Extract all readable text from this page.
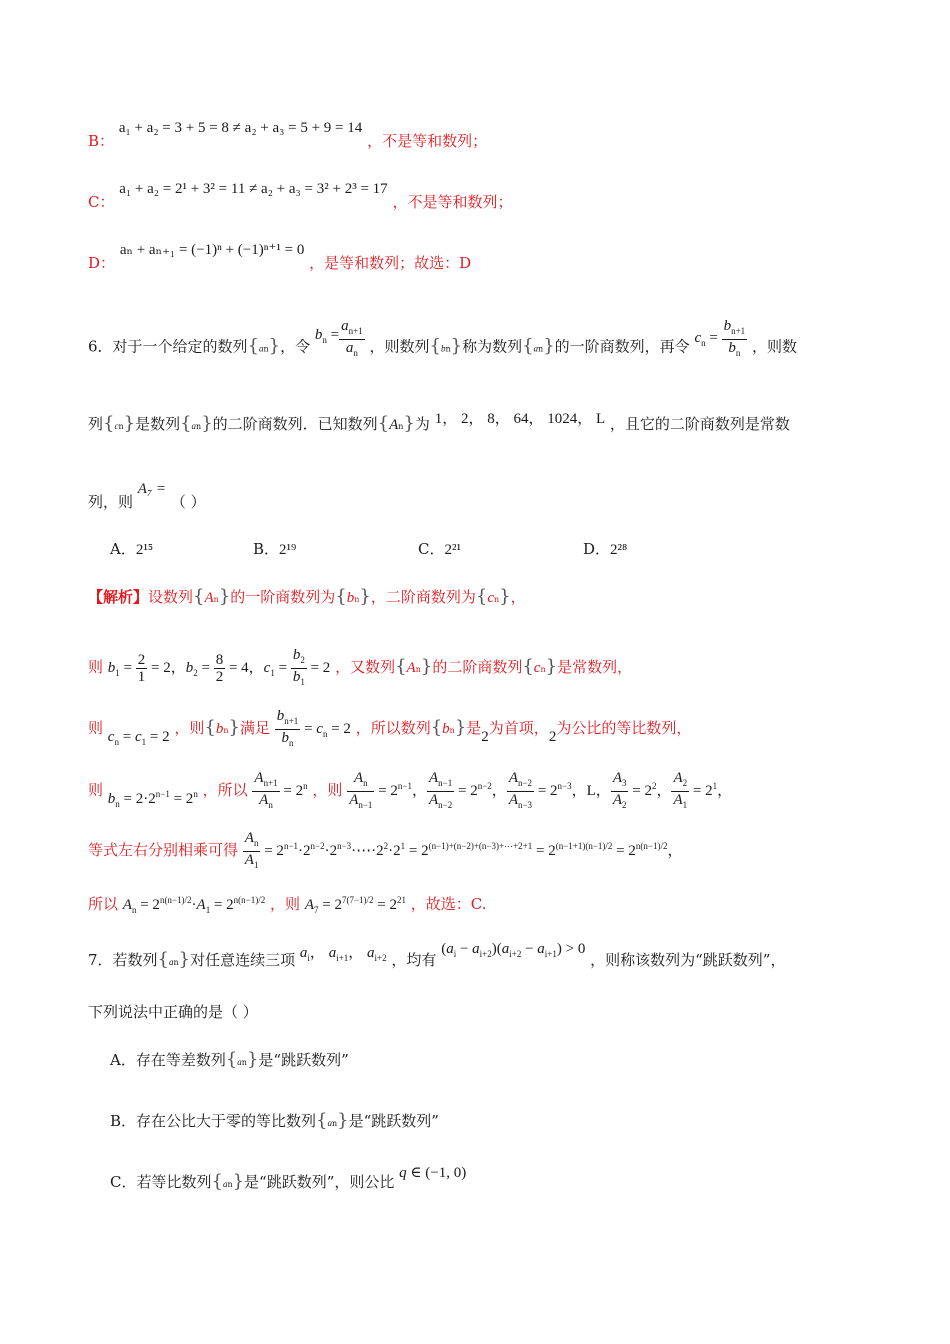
B： a₁ + a₂ = 3 + 5 = 8 ≠ a₂ + a₃ = 5 + 9 = 14 ，不是等和数列；
C： a₁ + a₂ = 2¹ + 3² = 11 ≠ a₂ + a₃ = 3² + 2³ = 17 ，不是等和数列；
D： aₙ + aₙ₊₁ = (−1)ⁿ + (−1)ⁿ⁺¹ = 0 ，是等和数列；故选：D
6．对于一个给定的数列{an}，令 $b_n = \frac{a_{n+1}}{a_n}$ ，则数列{bn}称为数列{an}的一阶商数列，再令 $c_n = \frac{b_{n+1}}{b_n}$ ，则数
列{cn}是数列{an}的二阶商数列．已知数列{An}为 1， 2， 8， 64， 1024， L ，且它的二阶商数列是常数
列，则 A₇ = （ ）
A．2¹⁵	B．2¹⁹	C．2²¹	D．2²⁸
【解析】设数列{An}的一阶商数列为{bn}，二阶商数列为{cn}，
则 $b_1 = \frac{2}{1} = 2$，$b_2 = \frac{8}{2} = 4$，$c_1 = \frac{b_2}{b_1} = 2$ ，又数列{An}的二阶商数列{cn}是常数列，
则 $c_n = c_1 = 2$ ，则{bn}满足 $\frac{b_{n+1}}{b_n} = c_n = 2$ ，所以数列{bn}是2为首项，2为公比的等比数列，
则 $b_n = 2\cdot 2^{n-1} = 2^n$ ，所以 $\frac{A_{n+1}}{A_n} = 2^n$ ，则 $\frac{A_n}{A_{n-1}} = 2^{n-1}$， $\frac{A_{n-1}}{A_{n-2}} = 2^{n-2}$， $\frac{A_{n-2}}{A_{n-3}} = 2^{n-3}$，L， $\frac{A_3}{A_2} = 2^2$， $\frac{A_2}{A_1} = 2^1$，
等式左右分别相乘可得 $\frac{A_n}{A_1}$ = $2^{n-1}\cdot 2^{n-2}\cdot 2^{n-3}\cdot\cdots\cdot 2^2\cdot 2^1 = 2^{(n-1)+(n-2)+(n-3)+\cdots+2+1} = 2^{(n-1+1)(n-1)/2} = 2^{n(n-1)/2}$，
所以 $A_n = 2^{n(n-1)/2}\cdot A_1 = 2^{n(n-1)/2}$ ，则 $A_7 = 2^{7(7-1)/2} = 2^{21}$ ，故选：C.
7．若数列{an}对任意连续三项 $a_i$， $a_{i+1}$， $a_{i+2}$ ，均有 $(a_i - a_{i+2})(a_{i+2} - a_{i+1}) > 0$ ，则称该数列为“跳跃数列”，
下列说法中正确的是（ ）
A．存在等差数列{an}是“跳跃数列”
B．存在公比大于零的等比数列{an}是“跳跃数列”
C．若等比数列{an}是“跳跃数列”，则公比 q ∈ (−1, 0)
